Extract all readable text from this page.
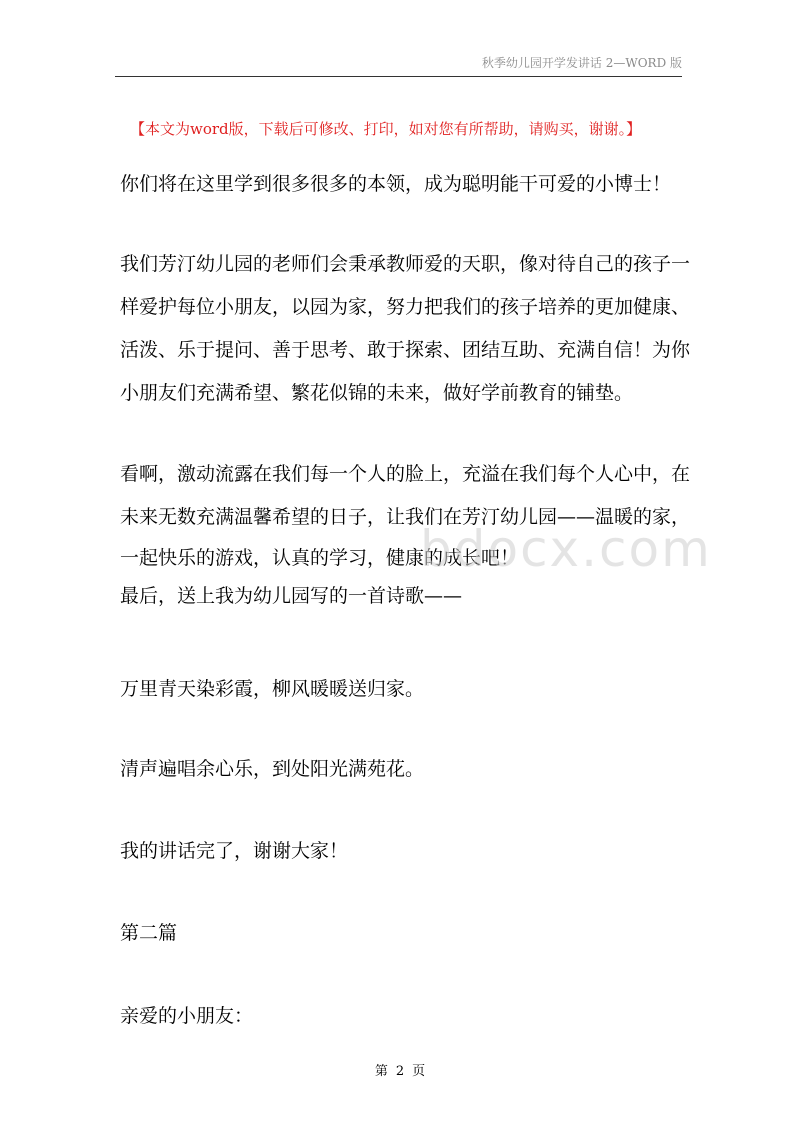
秋季幼儿园开学发讲话 2—WORD 版
【本文为word版，下载后可修改、打印，如对您有所帮助，请购买，谢谢。】
你们将在这里学到很多很多的本领，成为聪明能干可爱的小博士！
我们芳汀幼儿园的老师们会秉承教师爱的天职，像对待自己的孩子一
样爱护每位小朋友，以园为家，努力把我们的孩子培养的更加健康、
活泼、乐于提问、善于思考、敢于探索、团结互助、充满自信！为你
小朋友们充满希望、繁花似锦的未来，做好学前教育的铺垫。
看啊，激动流露在我们每一个人的脸上，充溢在我们每个人心中，在
未来无数充满温馨希望的日子，让我们在芳汀幼儿园——温暖的家，
一起快乐的游戏，认真的学习，健康的成长吧！
最后，送上我为幼儿园写的一首诗歌——
万里青天染彩霞，柳风暖暖送归家。
清声遍唱余心乐，到处阳光满苑花。
我的讲话完了，谢谢大家！
第二篇
亲爱的小朋友：
bdocx.com
第 2 页
